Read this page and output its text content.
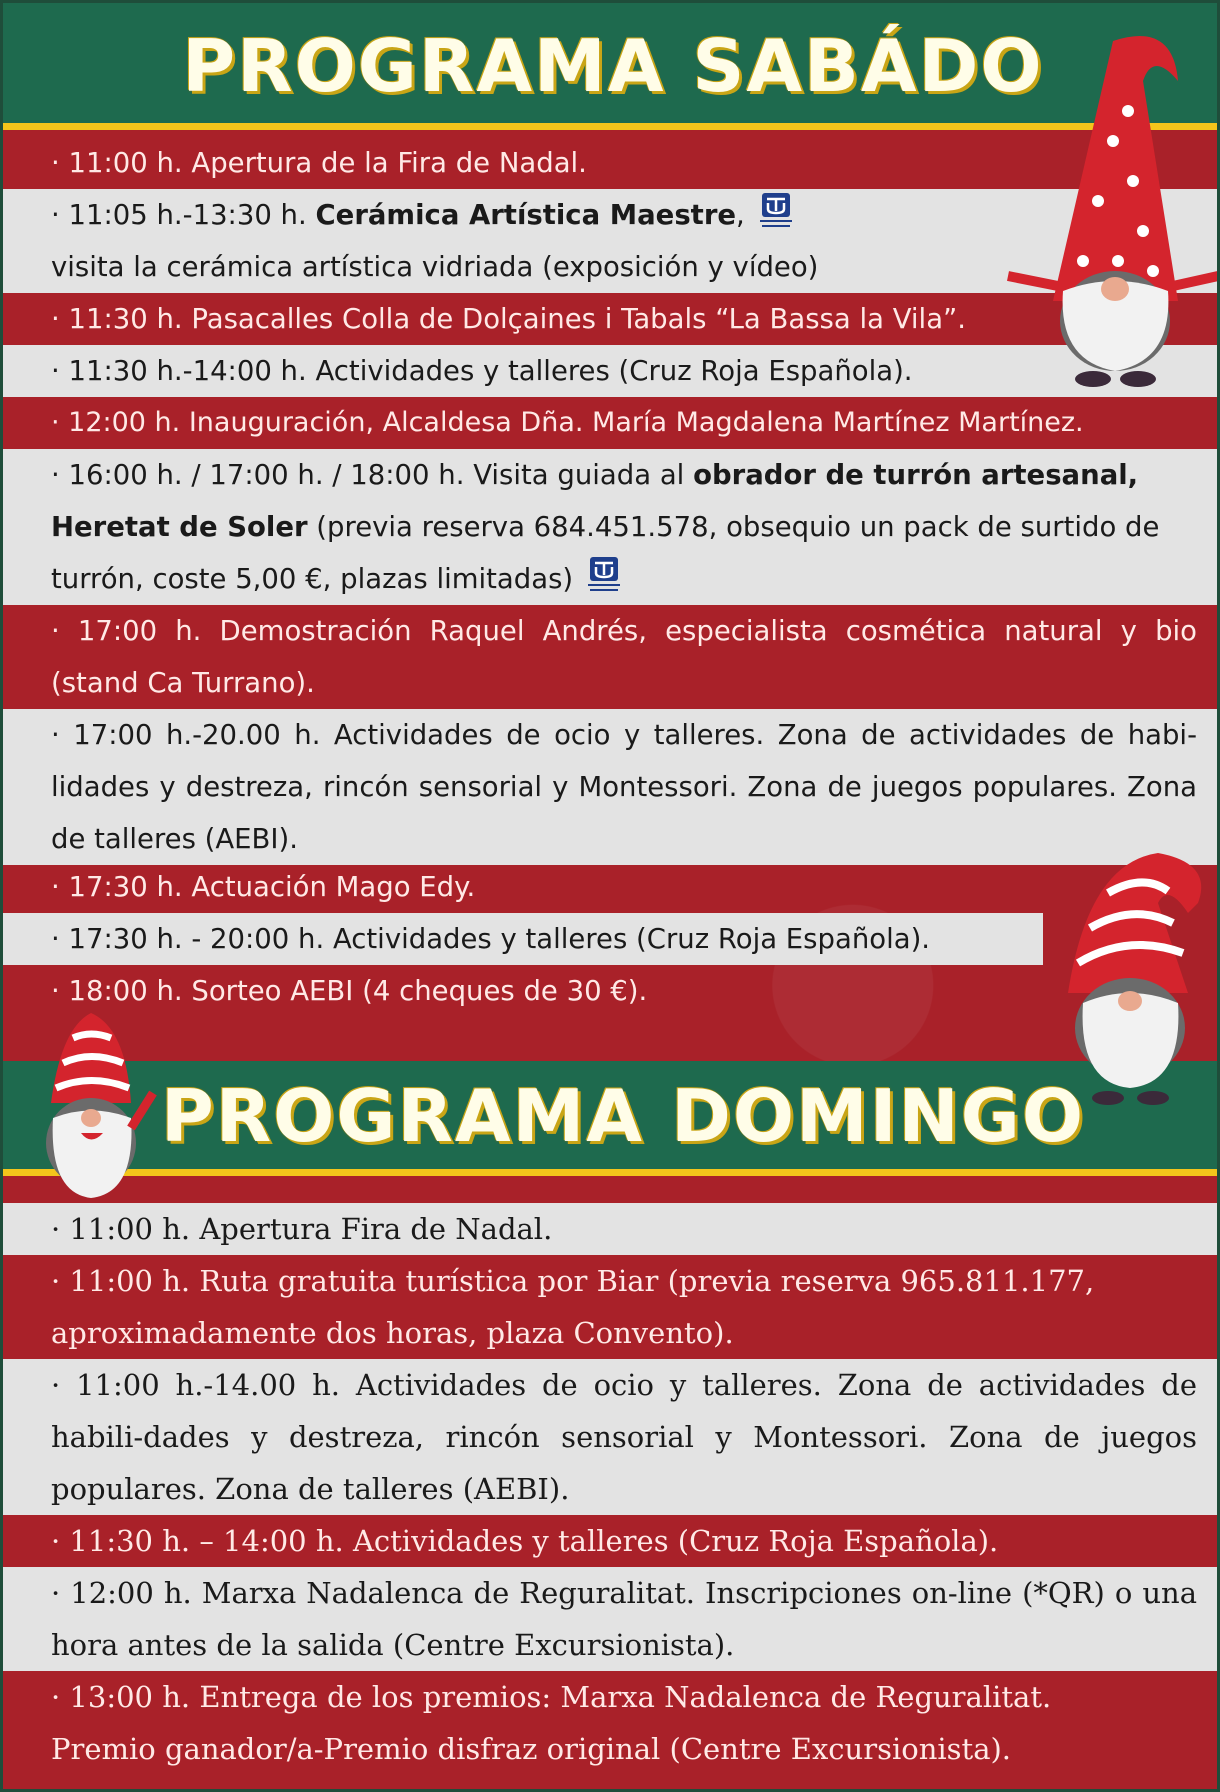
PROGRAMA SABÁDO
· 11:00 h. Apertura de la Fira de Nadal.
· 11:05 h.-13:30 h. Cerámica Artística Maestre,
visita la cerámica artística vidriada (exposición y vídeo)
· 11:30 h. Pasacalles Colla de Dolçaines i Tabals “La Bassa la Vila”.
· 11:30 h.-14:00 h. Actividades y talleres (Cruz Roja Española).
· 12:00 h. Inauguración, Alcaldesa Dña. María Magdalena Martínez Martínez.
· 16:00 h. / 17:00 h. / 18:00 h. Visita guiada al obrador de turrón artesanal,
Heretat de Soler (previa reserva 684.451.578, obsequio un pack de surtido de
turrón, coste 5,00 €, plazas limitadas)
· 17:00 h. Demostración Raquel Andrés, especialista cosmética natural y bio (stand Ca Turrano).
· 17:00 h.-20.00 h. Actividades de ocio y talleres. Zona de actividades de habi-lidades y destreza, rincón sensorial y Montessori. Zona de juegos populares. Zona de talleres (AEBI).
· 17:30 h. Actuación Mago Edy.
· 17:30 h. - 20:00 h. Actividades y talleres (Cruz Roja Española).
· 18:00 h. Sorteo AEBI (4 cheques de 30 €).
PROGRAMA DOMINGO
· 11:00 h. Apertura Fira de Nadal.
· 11:00 h. Ruta gratuita turística por Biar (previa reserva 965.811.177, aproximadamente dos horas, plaza Convento).
· 11:00 h.-14.00 h. Actividades de ocio y talleres. Zona de actividades de habili-dades y destreza, rincón sensorial y Montessori. Zona de juegos populares. Zona de talleres (AEBI).
· 11:30 h. – 14:00 h. Actividades y talleres (Cruz Roja Española).
· 12:00 h. Marxa Nadalenca de Reguralitat. Inscripciones on-line (*QR) o una hora antes de la salida (Centre Excursionista).
· 13:00 h. Entrega de los premios: Marxa Nadalenca de Reguralitat.
Premio ganador/a-Premio disfraz original (Centre Excursionista).
